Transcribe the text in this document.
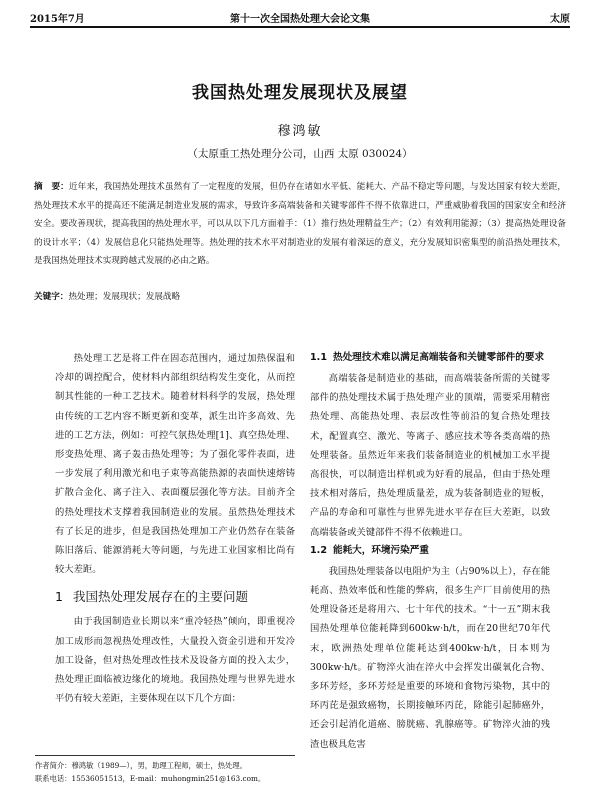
2015年7月	第十一次全国热处理大会论文集	太原
我国热处理发展现状及展望
穆鸿敏
（太原重工热处理分公司，山西 太原 030024）
摘　要：近年来，我国热处理技术虽然有了一定程度的发展，但仍存在诸如水平低、能耗大、产品不稳定等问题，与发达国家有较大差距，热处理技术水平的提高还不能满足制造业发展的需求，导致许多高端装备和关键零部件不得不依靠进口，严重威胁着我国的国家安全和经济安全。要改善现状，提高我国的热处理水平，可以从以下几方面着手：（1）推行热处理精益生产；（2）有效利用能源；（3）提高热处理设备的设计水平；（4）发展信息化只能热处理等。热处理的技术水平对制造业的发展有着深远的意义，充分发展知识密集型的前沿热处理技术，是我国热处理技术实现跨越式发展的必由之路。
关键字：热处理；发展现状；发展战略

热处理工艺是将工件在固态范围内，通过加热保温和冷却的调控配合，使材料内部组织结构发生变化，从而控制其性能的一种工艺技术。随着材料科学的发展，热处理由传统的工艺内容不断更新和变革，派生出许多高效、先进的工艺方法，例如：可控气氛热处理[1]、真空热处理、形变热处理、离子轰击热处理等；为了强化零件表面，进一步发展了利用激光和电子束等高能热源的表面快速熔铸扩散合金化、离子注入、表面覆层强化等方法。目前齐全的热处理技术支撑着我国制造业的发展。虽然热处理技术有了长足的进步，但是我国热处理加工产业仍然存在装备陈旧落后、能源消耗大等问题，与先进工业国家相比尚有较大差距。

1 我国热处理发展存在的主要问题

由于我国制造业长期以来“重冷轻热”倾向，即重视冷加工成形而忽视热处理改性，大量投入资金引进和开发冷加工设备，但对热处理改性技术及设备方面的投入太少，热处理正面临被边缘化的境地。我国热处理与世界先进水平仍有较大差距，主要体现在以下几个方面：

1.1 热处理技术难以满足高端装备和关键零部件的要求

高端装备是制造业的基础，而高端装备所需的关键零部件的热处理技术属于热处理产业的顶端，需要采用精密热处理、高能热处理、表层改性等前沿的复合热处理技术，配置真空、激光、等离子、感应技术等各类高端的热处理装备。虽然近年来我们装备制造业的机械加工水平提高很快，可以制造出样机或为好看的展品，但由于热处理技术相对落后，热处理质量差，成为装备制造业的短板，产品的寿命和可靠性与世界先进水平存在巨大差距，以致高端装备或关键部件不得不依赖进口。

1.2 能耗大，环境污染严重

我国热处理装备以电阻炉为主（占90%以上），存在能耗高、热效率低和性能的弊病，很多生产厂目前使用的热处理设备还是将用六、七十年代的技术。“十一五”期末我国热处理单位能耗降到600kw·h/t，而在20世纪70年代末，欧洲热处理单位能耗达到400kw·h/t，日本则为300kw·h/t。矿物淬火油在淬火中会挥发出碳氧化合物、多环芳烃，多环芳烃是重要的环境和食物污染物，其中的环丙芘是强致癌物，长期接触环丙芘，除能引起肺癌外，还会引起消化道癌、膀胱癌、乳腺癌等。矿物淬火油的残渣也极具危害

作者简介：穆鸿敏（1989—），男，助理工程师，硕士，热处理。
联系电话：15536051513，E-mail：muhongmin251@163.com。
